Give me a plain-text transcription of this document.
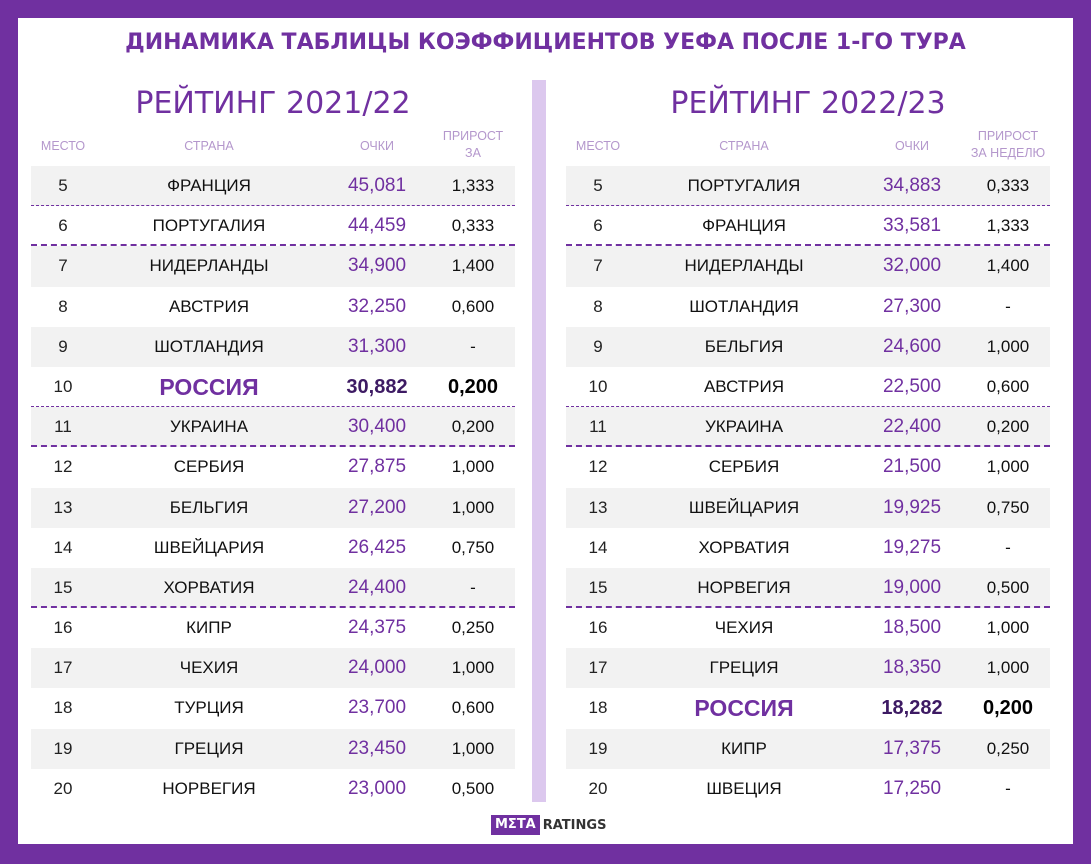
ДИНАМИКА ТАБЛИЦЫ КОЭФФИЦИЕНТОВ УЕФА ПОСЛЕ 1-ГО ТУРА
РЕЙТИНГ 2021/22
МЕСТО	СТРАНА	ОЧКИ
ПРИРОСТ
ЗА
5	ФРАНЦИЯ	45,081	1,333
6	ПОРТУГАЛИЯ	44,459	0,333
7	НИДЕРЛАНДЫ	34,900	1,400
8	АВСТРИЯ	32,250	0,600
9	ШОТЛАНДИЯ	31,300	-
10	РОССИЯ	30,882	0,200
11	УКРАИНА	30,400	0,200
12	СЕРБИЯ	27,875	1,000
13	БЕЛЬГИЯ	27,200	1,000
14	ШВЕЙЦАРИЯ	26,425	0,750
15	ХОРВАТИЯ	24,400	-
16	КИПР	24,375	0,250
17	ЧЕХИЯ	24,000	1,000
18	ТУРЦИЯ	23,700	0,600
19	ГРЕЦИЯ	23,450	1,000
20	НОРВЕГИЯ	23,000	0,500
РЕЙТИНГ 2022/23
МЕСТО	СТРАНА	ОЧКИ
ПРИРОСТ
ЗА НЕДЕЛЮ
5	ПОРТУГАЛИЯ	34,883	0,333
6	ФРАНЦИЯ	33,581	1,333
7	НИДЕРЛАНДЫ	32,000	1,400
8	ШОТЛАНДИЯ	27,300	-
9	БЕЛЬГИЯ	24,600	1,000
10	АВСТРИЯ	22,500	0,600
11	УКРАИНА	22,400	0,200
12	СЕРБИЯ	21,500	1,000
13	ШВЕЙЦАРИЯ	19,925	0,750
14	ХОРВАТИЯ	19,275	-
15	НОРВЕГИЯ	19,000	0,500
16	ЧЕХИЯ	18,500	1,000
17	ГРЕЦИЯ	18,350	1,000
18	РОССИЯ	18,282	0,200
19	КИПР	17,375	0,250
20	ШВЕЦИЯ	17,250	-
МΣТА RATINGS
